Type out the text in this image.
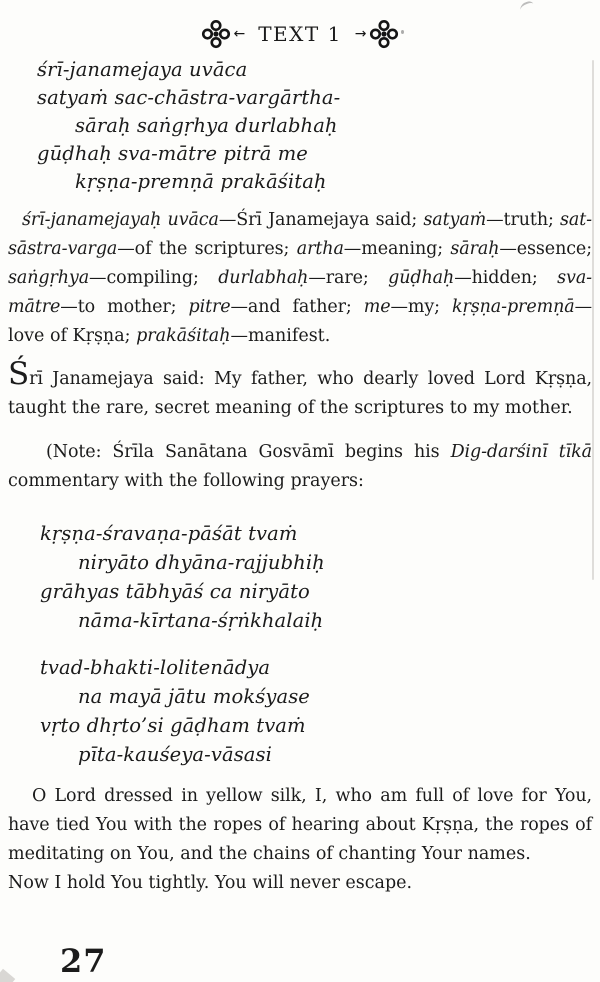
← TEXT 1 →
śrī-janamejaya uvāca
satyaṁ sac-chāstra-vargārtha-
sāraḥ saṅgṛhya durlabhaḥ
gūḍhaḥ sva-mātre pitrā me
kṛṣṇa-premṇā prakāśitaḥ
śrī-janamejayaḥ uvāca—Śrī Janamejaya said; satyaṁ—truth; sat-
sāstra-varga—of the scriptures; artha—meaning; sāraḥ—essence;
saṅgṛhya—compiling; durlabhaḥ—rare; gūḍhaḥ—hidden; sva-
mātre—to mother; pitre—and father; me—my; kṛṣṇa-premṇā—
love of Kṛṣṇa; prakāśitaḥ—manifest.
Śrī Janamejaya said: My father, who dearly loved Lord Kṛṣṇa,
taught the rare, secret meaning of the scriptures to my mother.
(Note: Śrīla Sanātana Gosvāmī begins his Dig-darśinī tīkā
commentary with the following prayers:
kṛṣṇa-śravaṇa-pāśāt tvaṁ
niryāto dhyāna-rajjubhiḥ
grāhyas tābhyāś ca niryāto
nāma-kīrtana-śṛṅkhalaiḥ
tvad-bhakti-lolitenādya
na mayā jātu mokśyase
vṛto dhṛto’si gāḍham tvaṁ
pīta-kauśeya-vāsasi
O Lord dressed in yellow silk, I, who am full of love for You,
have tied You with the ropes of hearing about Kṛṣṇa, the ropes of
meditating on You, and the chains of chanting Your names.
Now I hold You tightly. You will never escape.
27
